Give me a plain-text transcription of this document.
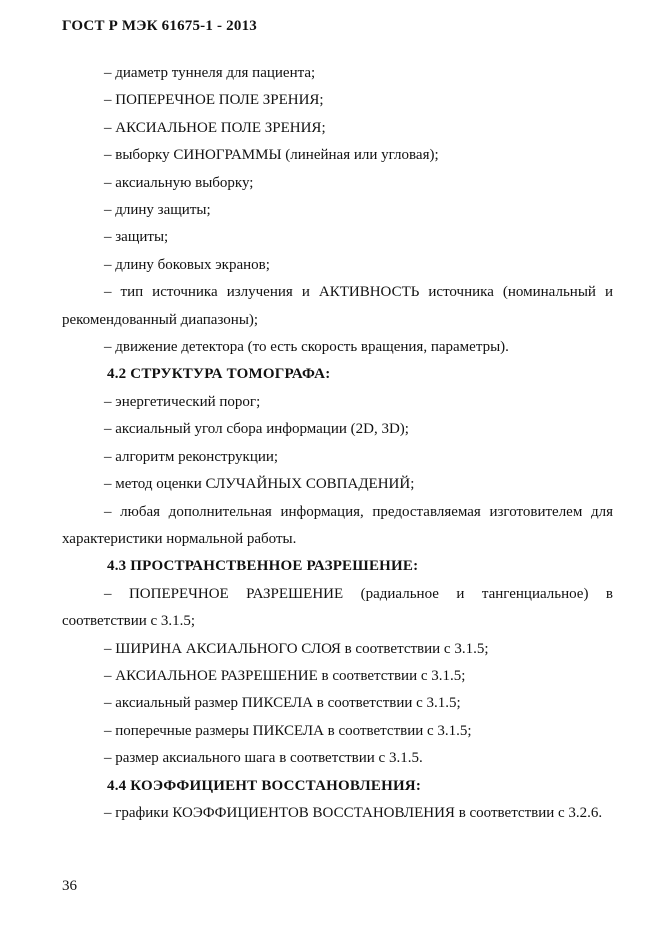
ГОСТ Р МЭК 61675-1 - 2013

– диаметр туннеля для пациента;

– ПОПЕРЕЧНОЕ ПОЛЕ ЗРЕНИЯ;

– АКСИАЛЬНОЕ ПОЛЕ ЗРЕНИЯ;

– выборку СИНОГРАММЫ (линейная или угловая);

– аксиальную выборку;

– длину защиты;

– защиты;

– длину боковых экранов;

– тип источника излучения и АКТИВНОСТЬ источника (номинальный и рекомендованный диапазоны);

– движение детектора (то есть скорость вращения, параметры).

4.2 СТРУКТУРА ТОМОГРАФА:

– энергетический порог;

– аксиальный угол сбора информации (2D, 3D);

– алгоритм реконструкции;

– метод оценки СЛУЧАЙНЫХ СОВПАДЕНИЙ;

– любая дополнительная информация, предоставляемая изготовителем для характеристики нормальной работы.

4.3 ПРОСТРАНСТВЕННОЕ РАЗРЕШЕНИЕ:

– ПОПЕРЕЧНОЕ РАЗРЕШЕНИЕ (радиальное и тангенциальное) в соответствии с 3.1.5;

– ШИРИНА АКСИАЛЬНОГО СЛОЯ в соответствии с 3.1.5;

– АКСИАЛЬНОЕ РАЗРЕШЕНИЕ в соответствии с 3.1.5;

– аксиальный размер ПИКСЕЛА в соответствии с 3.1.5;

– поперечные размеры ПИКСЕЛА в соответствии с 3.1.5;

– размер аксиального шага в соответствии с 3.1.5.

4.4 КОЭФФИЦИЕНТ ВОССТАНОВЛЕНИЯ:

– графики КОЭФФИЦИЕНТОВ ВОССТАНОВЛЕНИЯ в соответствии с 3.2.6.

36
